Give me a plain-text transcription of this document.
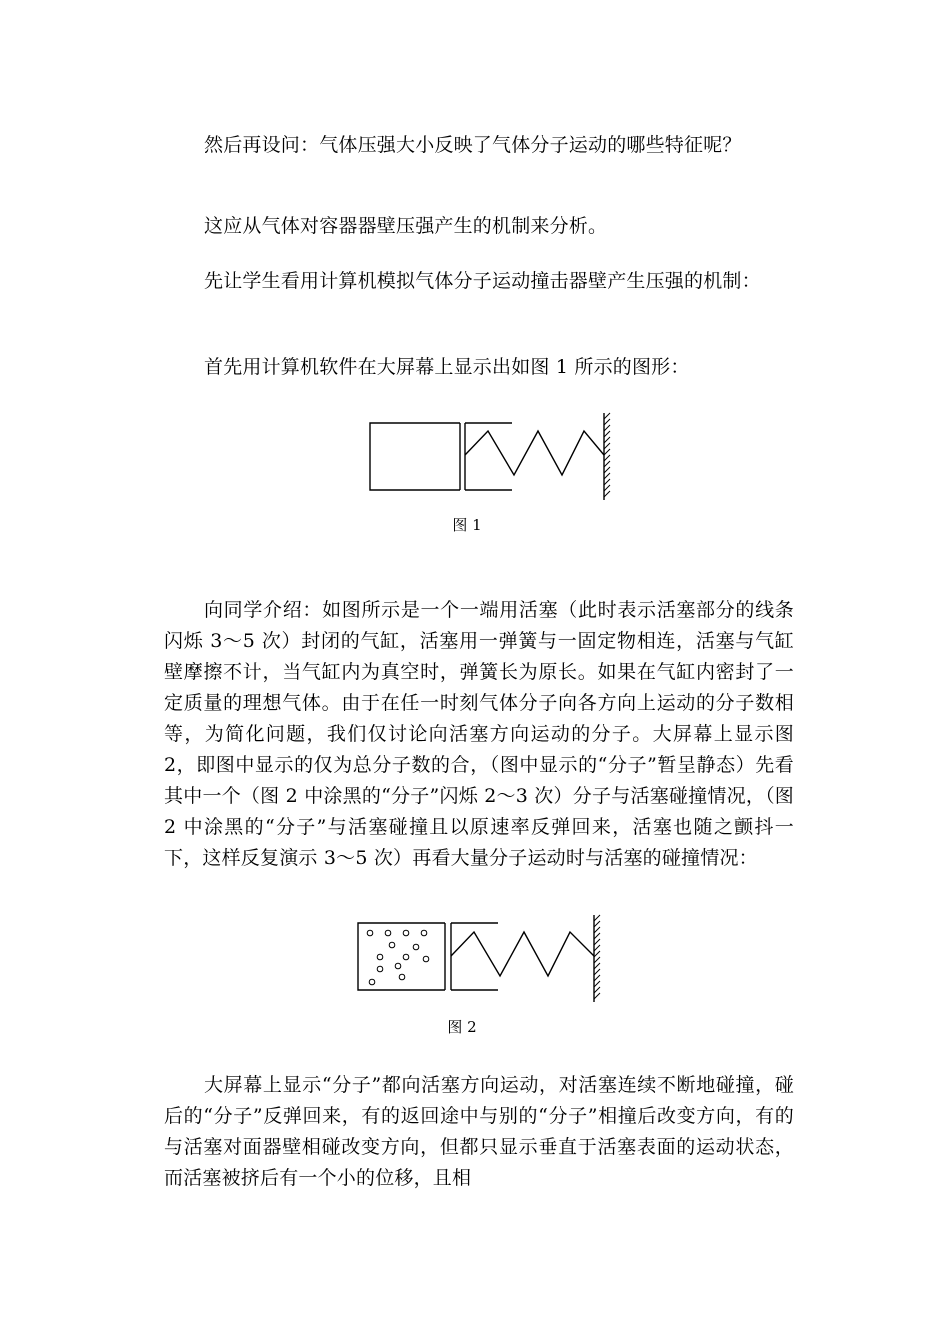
然后再设问：气体压强大小反映了气体分子运动的哪些特征呢？

这应从气体对容器器壁压强产生的机制来分析。

先让学生看用计算机模拟气体分子运动撞击器壁产生压强的机制：

首先用计算机软件在大屏幕上显示出如图 1 所示的图形：

图 1

向同学介绍：如图所示是一个一端用活塞（此时表示活塞部分的线条闪烁 3～5 次）封闭的气缸，活塞用一弹簧与一固定物相连，活塞与气缸壁摩擦不计，当气缸内为真空时，弹簧长为原长。如果在气缸内密封了一定质量的理想气体。由于在任一时刻气体分子向各方向上运动的分子数相等，为简化问题，我们仅讨论向活塞方向运动的分子。大屏幕上显示图 2，即图中显示的仅为总分子数的合，（图中显示的“分子”暂呈静态）先看其中一个（图 2 中涂黑的“分子”闪烁 2～3 次）分子与活塞碰撞情况，（图 2 中涂黑的“分子”与活塞碰撞且以原速率反弹回来，活塞也随之颤抖一下，这样反复演示 3～5 次）再看大量分子运动时与活塞的碰撞情况：

图 2

大屏幕上显示“分子”都向活塞方向运动，对活塞连续不断地碰撞，碰后的“分子”反弹回来，有的返回途中与别的“分子”相撞后改变方向，有的与活塞对面器壁相碰改变方向，但都只显示垂直于活塞表面的运动状态，而活塞被挤后有一个小的位移，且相
